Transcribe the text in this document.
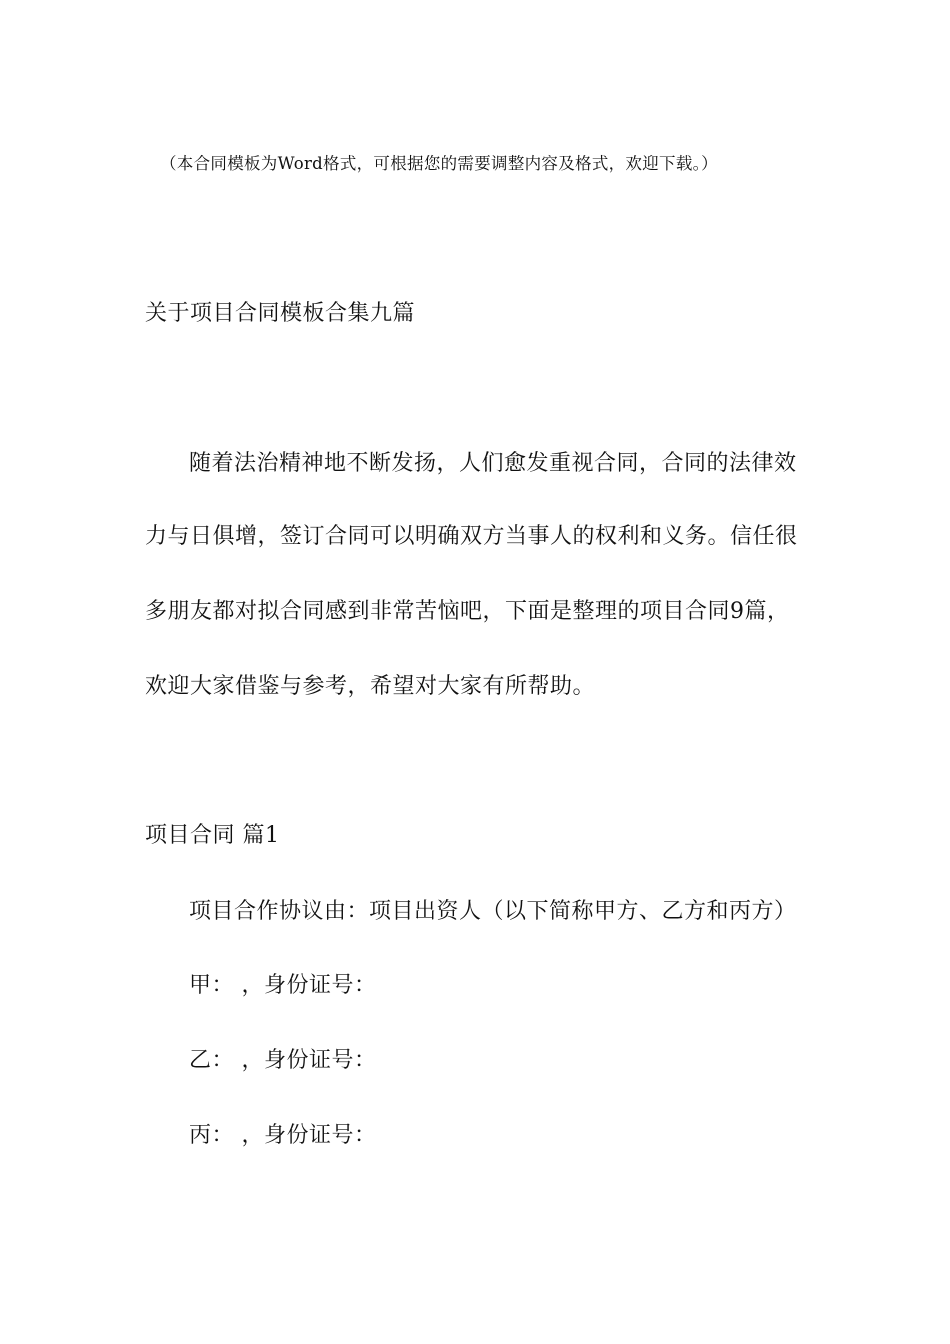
（本合同模板为Word格式，可根据您的需要调整内容及格式，欢迎下载。）
关于项目合同模板合集九篇
随着法治精神地不断发扬，人们愈发重视合同，合同的法律效
力与日俱增，签订合同可以明确双方当事人的权利和义务。信任很
多朋友都对拟合同感到非常苦恼吧，下面是整理的项目合同9篇，
欢迎大家借鉴与参考，希望对大家有所帮助。
项目合同 篇1
项目合作协议由：项目出资人（以下简称甲方、乙方和丙方）
甲： ，身份证号：
乙： ，身份证号：
丙： ，身份证号：
